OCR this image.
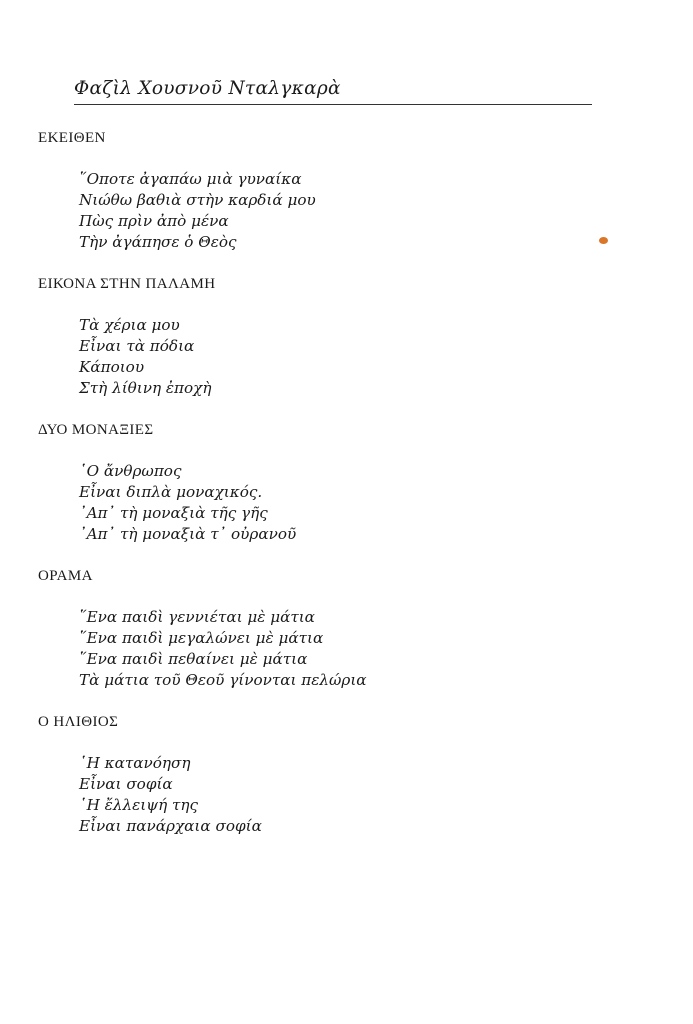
Φαζὶλ Χουσνοῦ Νταλγκαρὰ
ΕΚΕΙΘΕΝ
῞Οποτε ἀγαπάω μιὰ γυναίκα
Νιώθω βαθιὰ στὴν καρδιά μου
Πὼς πρὶν ἀπὸ μένα
Τὴν ἀγάπησε ὁ Θεὸς
ΕΙΚΟΝΑ ΣΤΗΝ ΠΑΛΑΜΗ
Τὰ χέρια μου
Εἶναι τὰ πόδια
Κάποιου
Στὴ λίθινη ἐποχὴ
ΔΥΟ ΜΟΝΑΞΙΕΣ
῾Ο ἄνθρωπος
Εἶναι διπλὰ μοναχικός.
᾿Απ᾿ τὴ μοναξιὰ τῆς γῆς
᾿Απ᾿ τὴ μοναξιὰ τ᾿ οὐρανοῦ
ΟΡΑΜΑ
῞Ενα παιδὶ γεννιέται μὲ μάτια
῞Ενα παιδὶ μεγαλώνει μὲ μάτια
῞Ενα παιδὶ πεθαίνει μὲ μάτια
Τὰ μάτια τοῦ Θεοῦ γίνονται πελώρια
Ο ΗΛΙΘΙΟΣ
῾Η κατανόηση
Εἶναι σοφία
῾Η ἔλλειψή της
Εἶναι πανάρχαια σοφία
